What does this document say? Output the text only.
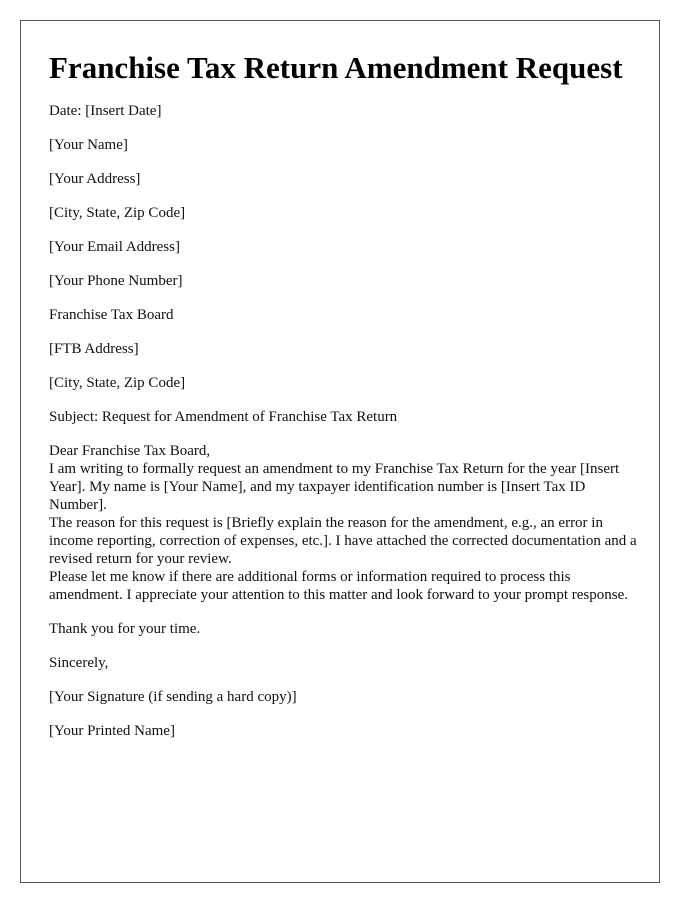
Franchise Tax Return Amendment Request

Date: [Insert Date]

[Your Name]

[Your Address]

[City, State, Zip Code]

[Your Email Address]

[Your Phone Number]

Franchise Tax Board

[FTB Address]

[City, State, Zip Code]

Subject: Request for Amendment of Franchise Tax Return

Dear Franchise Tax Board,

I am writing to formally request an amendment to my Franchise Tax Return for the year [Insert Year]. My name is [Your Name], and my taxpayer identification number is [Insert Tax ID Number].

The reason for this request is [Briefly explain the reason for the amendment, e.g., an error in income reporting, correction of expenses, etc.]. I have attached the corrected documentation and a revised return for your review.

Please let me know if there are additional forms or information required to process this amendment. I appreciate your attention to this matter and look forward to your prompt response.

Thank you for your time.

Sincerely,

[Your Signature (if sending a hard copy)]

[Your Printed Name]
